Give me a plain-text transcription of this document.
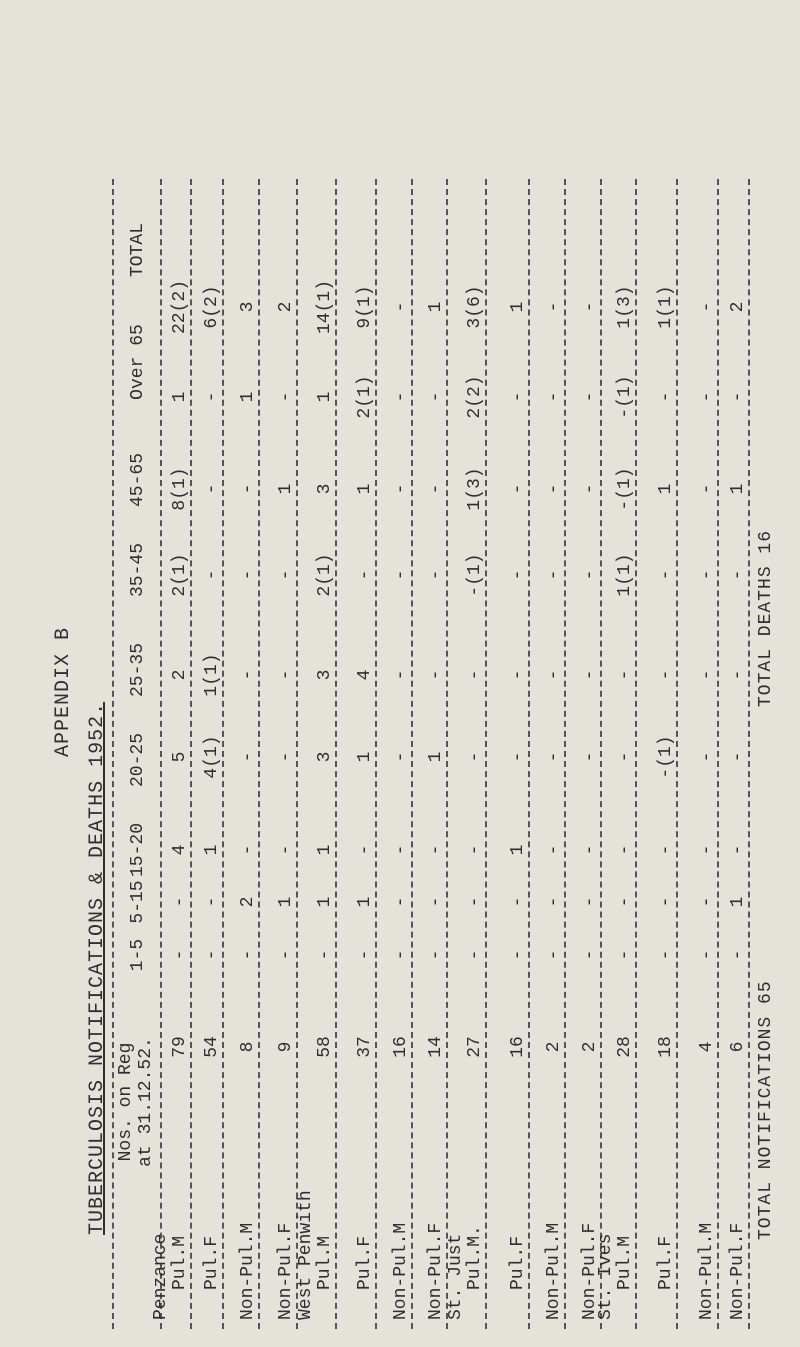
APPENDIX B
TUBERCULOSIS NOTIFICATIONS & DEATHS 1952. Nos. on Reg at 31.12.52.
1-5
5-15
15-20
20-25
25-35
35-45
45-65
Over 65
TOTAL
Penzance Pul.M
79
-
-
4
5
2
2(1)
8(1)
1
22(2)
Pul.F
54
-
-
1
4(1)
1(1)
-
-
-
6(2)
Non-Pul.M
8
-
2
-
-
-
-
-
1
3
Non-Pul.F
9
-
1
-
-
-
-
1
-
2
West Penwith Pul.M
58
-
1
1
3
3
2(1)
3
1
14(1)
Pul.F
37
-
1
-
1
4
-
1
2(1)
9(1)
Non-Pul.M
16
-
-
-
-
-
-
-
-
-
Non-Pul.F
14
-
-
-
1
-
-
-
-
1
St. Just Pul.M.
27
-
-
-
-
-
-(1)
1(3)
2(2)
3(6)
Pul.F
16
-
-
1
-
-
-
-
-
1
Non-Pul.M
2
-
-
-
-
-
-
-
-
-
Non-Pul.F
2
-
-
-
-
-
-
-
-
-
St. Ives Pul.M
28
-
-
-
-
-
1(1)
-(1)
-(1)
1(3)
Pul.F
18
-
-
-
-(1)
-
-
1
-
1(1)
Non-Pul.M
4
-
-
-
-
-
-
-
-
-
Non-Pul.F
6
-
1
-
-
-
-
1
-
2
TOTAL NOTIFICATIONS 65
TOTAL DEATHS 16
